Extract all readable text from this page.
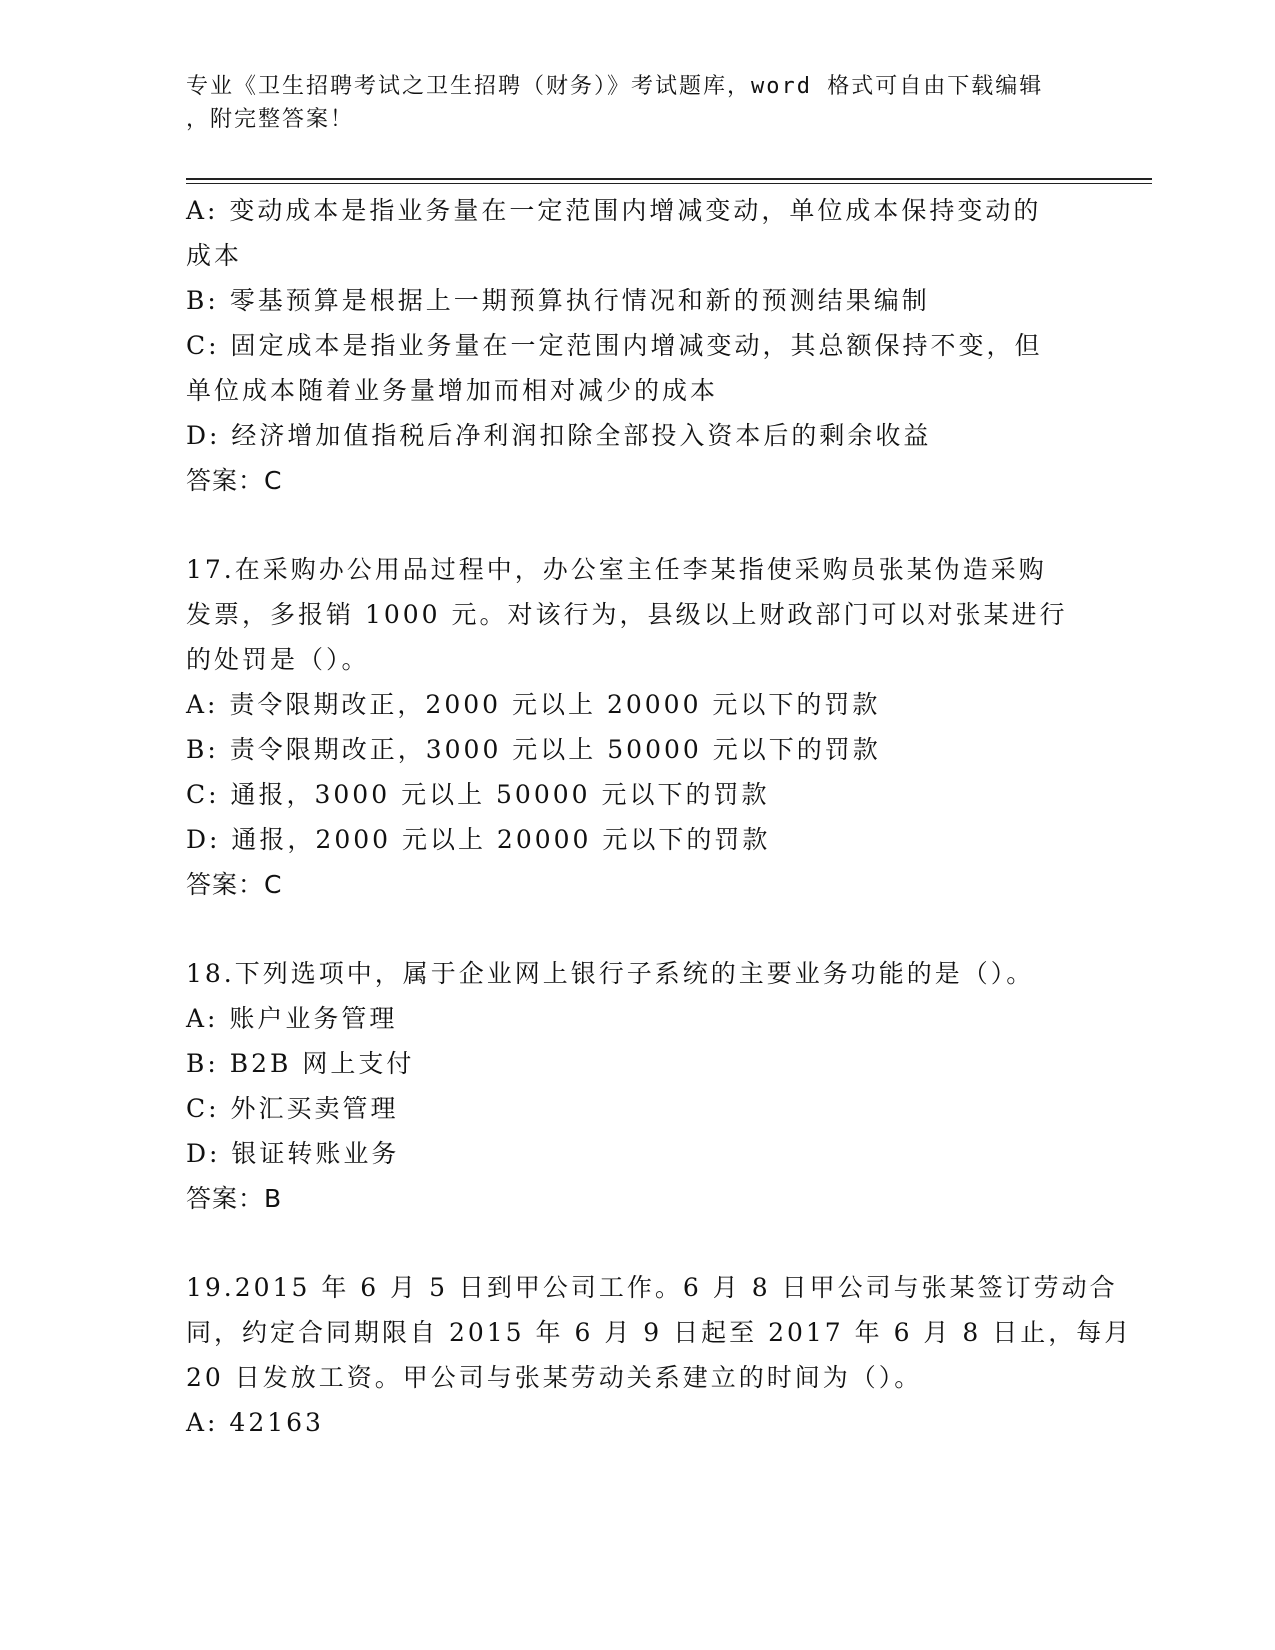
专业《卫生招聘考试之卫生招聘（财务）》考试题库，word 格式可自由下载编辑
，附完整答案！
A: 变动成本是指业务量在一定范围内增减变动，单位成本保持变动的
成本
B: 零基预算是根据上一期预算执行情况和新的预测结果编制
C: 固定成本是指业务量在一定范围内增减变动，其总额保持不变，但
单位成本随着业务量增加而相对减少的成本
D: 经济增加值指税后净利润扣除全部投入资本后的剩余收益
答案：C
17.在采购办公用品过程中，办公室主任李某指使采购员张某伪造采购
发票，多报销 1000 元。对该行为，县级以上财政部门可以对张某进行
的处罚是（）。
A: 责令限期改正，2000 元以上 20000 元以下的罚款
B: 责令限期改正，3000 元以上 50000 元以下的罚款
C: 通报，3000 元以上 50000 元以下的罚款
D: 通报，2000 元以上 20000 元以下的罚款
答案：C
18.下列选项中，属于企业网上银行子系统的主要业务功能的是（）。
A: 账户业务管理
B: B2B 网上支付
C: 外汇买卖管理
D: 银证转账业务
答案：B
19.2015 年 6 月 5 日到甲公司工作。6 月 8 日甲公司与张某签订劳动合
同，约定合同期限自 2015 年 6 月 9 日起至 2017 年 6 月 8 日止，每月
20 日发放工资。甲公司与张某劳动关系建立的时间为（）。
A: 42163
